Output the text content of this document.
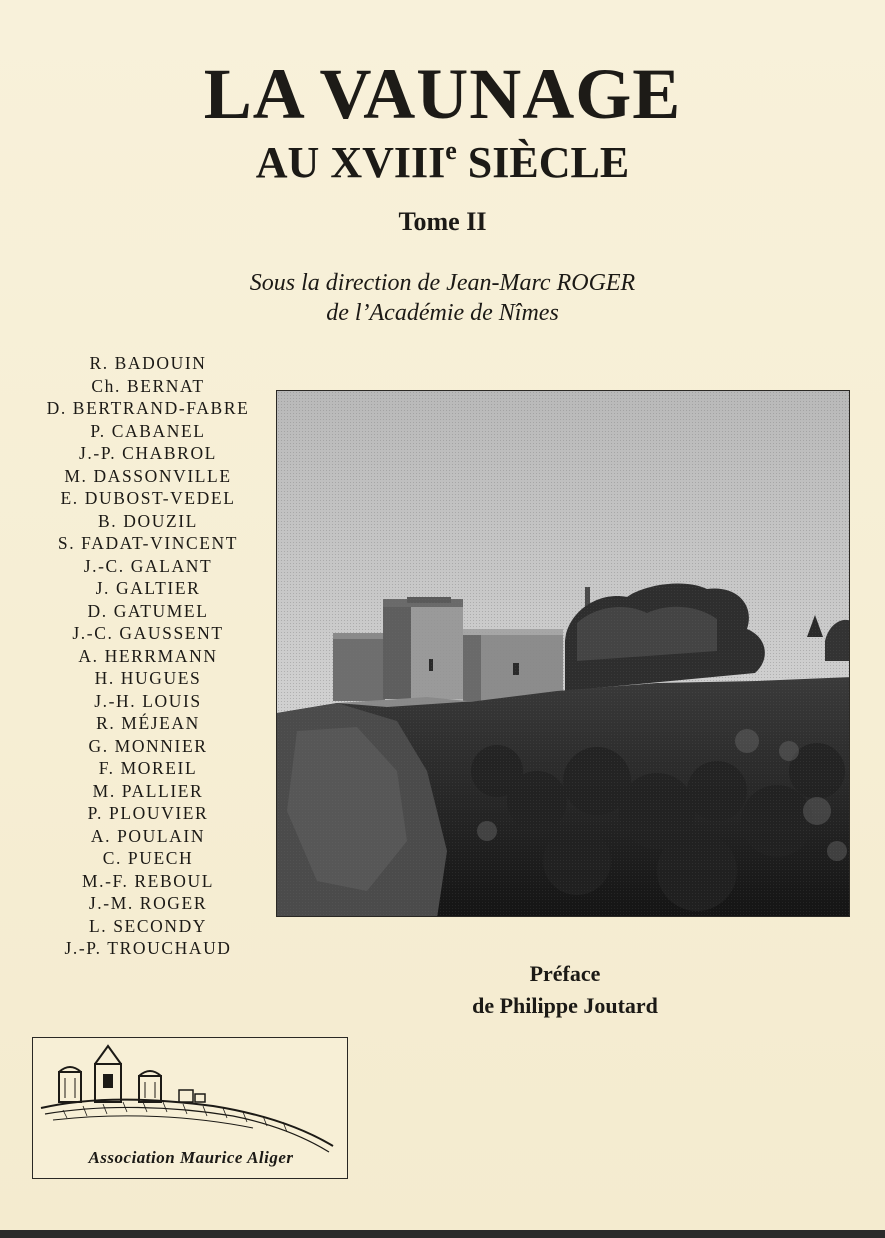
LA VAUNAGE
AU XVIIIe SIÈCLE
Tome II
Sous la direction de Jean-Marc ROGER
de l’Académie de Nîmes
R. BADOUIN
Ch. BERNAT
D. BERTRAND-FABRE
P. CABANEL
J.-P. CHABROL
M. DASSONVILLE
E. DUBOST-VEDEL
B. DOUZIL
S. FADAT-VINCENT
J.-C. GALANT
J. GALTIER
D. GATUMEL
J.-C. GAUSSENT
A. HERRMANN
H. HUGUES
J.-H. LOUIS
R. MÉJEAN
G. MONNIER
F. MOREIL
M. PALLIER
P. PLOUVIER
A. POULAIN
C. PUECH
M.-F. REBOUL
J.-M. ROGER
L. SECONDY
J.-P. TROUCHAUD
Préface
de Philippe Joutard
Association Maurice Aliger
